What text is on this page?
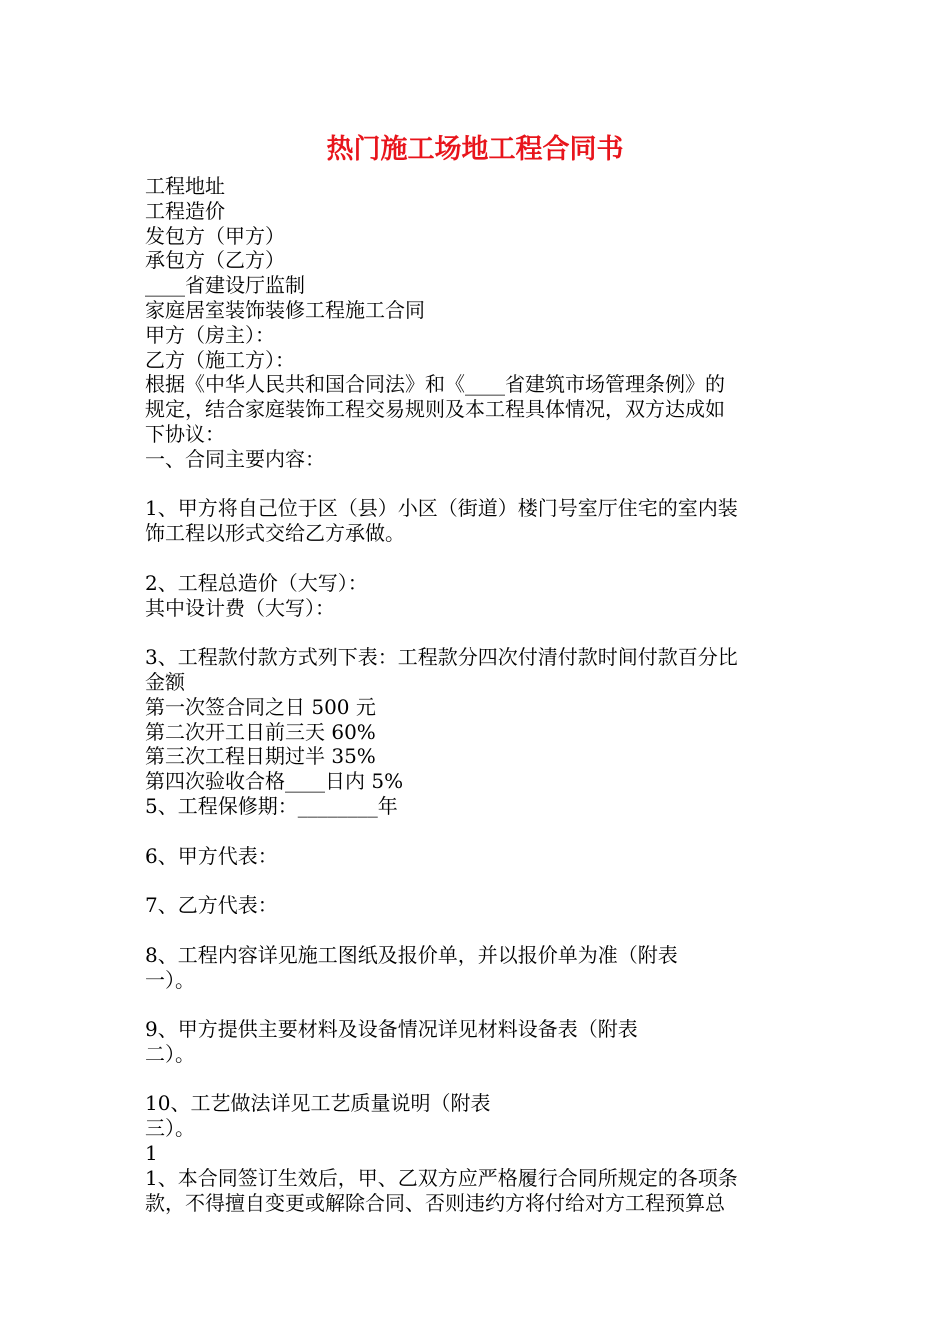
热门施工场地工程合同书
工程地址
工程造价
发包方（甲方）
承包方（乙方）
____省建设厅监制
家庭居室装饰装修工程施工合同
甲方（房主）：
乙方（施工方）：
根据《中华人民共和国合同法》和《____省建筑市场管理条例》的
规定，结合家庭装饰工程交易规则及本工程具体情况，双方达成如
下协议：
一、合同主要内容：
1、甲方将自己位于区（县）小区（街道）楼门号室厅住宅的室内装
饰工程以形式交给乙方承做。
2、工程总造价（大写）：
其中设计费（大写）：
3、工程款付款方式列下表：工程款分四次付清付款时间付款百分比
金额
第一次签合同之日 500 元
第二次开工日前三天 60%
第三次工程日期过半 35%
第四次验收合格____日内 5%
5、工程保修期：________年
6、甲方代表：
7、乙方代表：
8、工程内容详见施工图纸及报价单，并以报价单为准（附表
一）。
9、甲方提供主要材料及设备情况详见材料设备表（附表
二）。
10、工艺做法详见工艺质量说明（附表
三）。
1
1、本合同签订生效后，甲、乙双方应严格履行合同所规定的各项条
款，不得擅自变更或解除合同、否则违约方将付给对方工程预算总
